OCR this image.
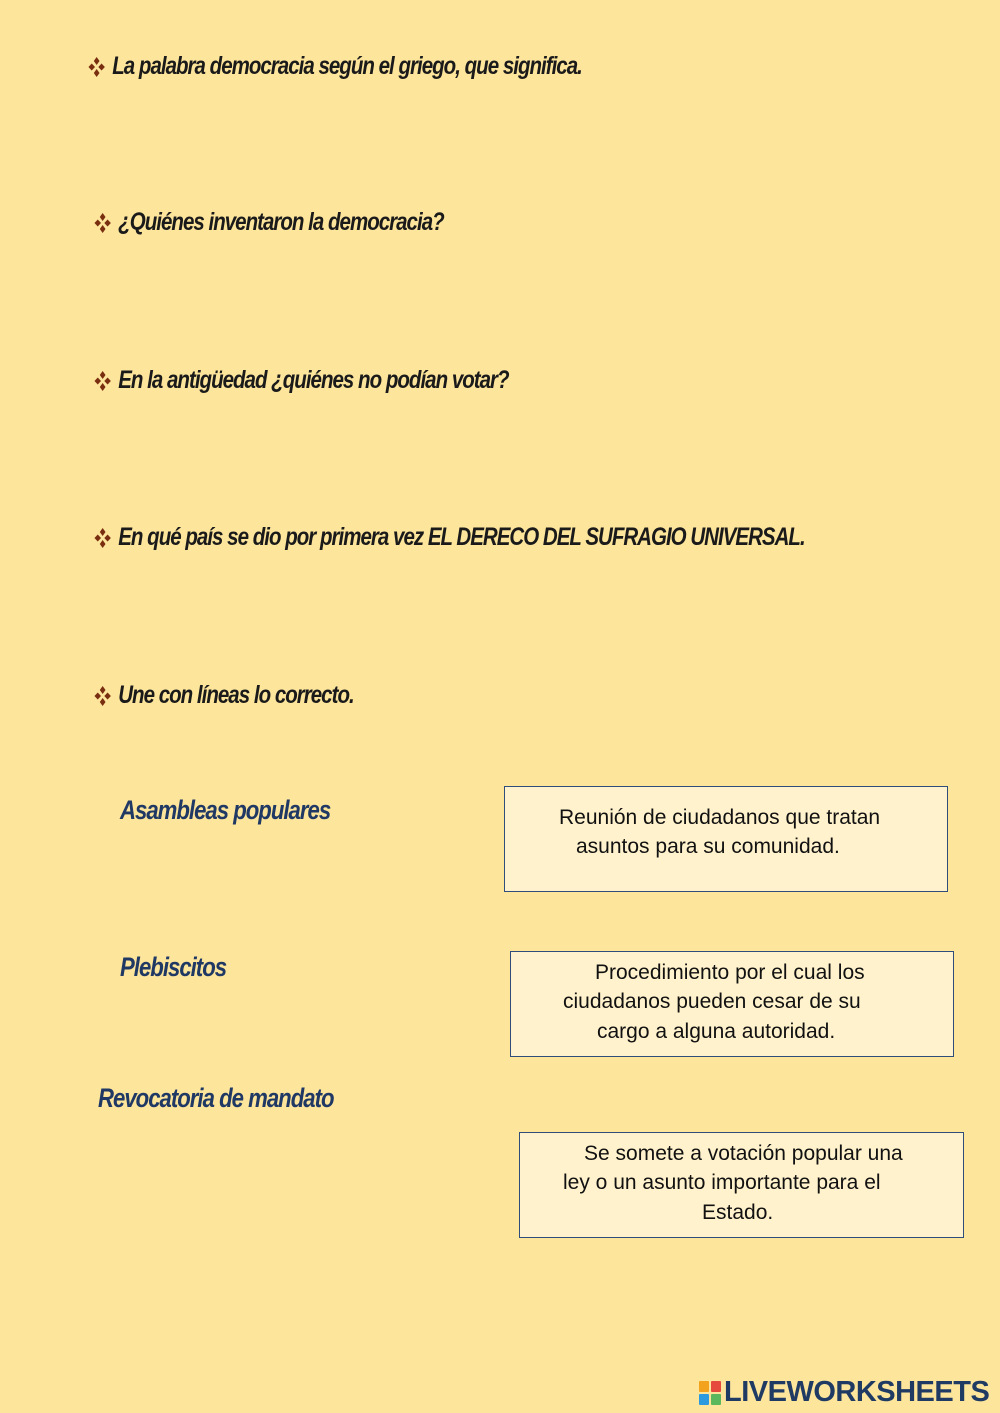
La palabra democracia según el griego, que significa.
¿Quiénes inventaron la democracia?
En la antigüedad ¿quiénes no podían votar?
En qué país se dio por primera vez EL DERECO DEL SUFRAGIO UNIVERSAL.
Une con líneas lo correcto.
Asambleas populares
Plebiscitos
Revocatoria de mandato
Reunión de ciudadanos que tratan
asuntos para su comunidad.
Procedimiento por el cual los
ciudadanos pueden cesar de su
cargo a alguna autoridad.
Se somete a votación popular una
ley o un asunto importante para el
Estado.
LIVEWORKSHEETS
